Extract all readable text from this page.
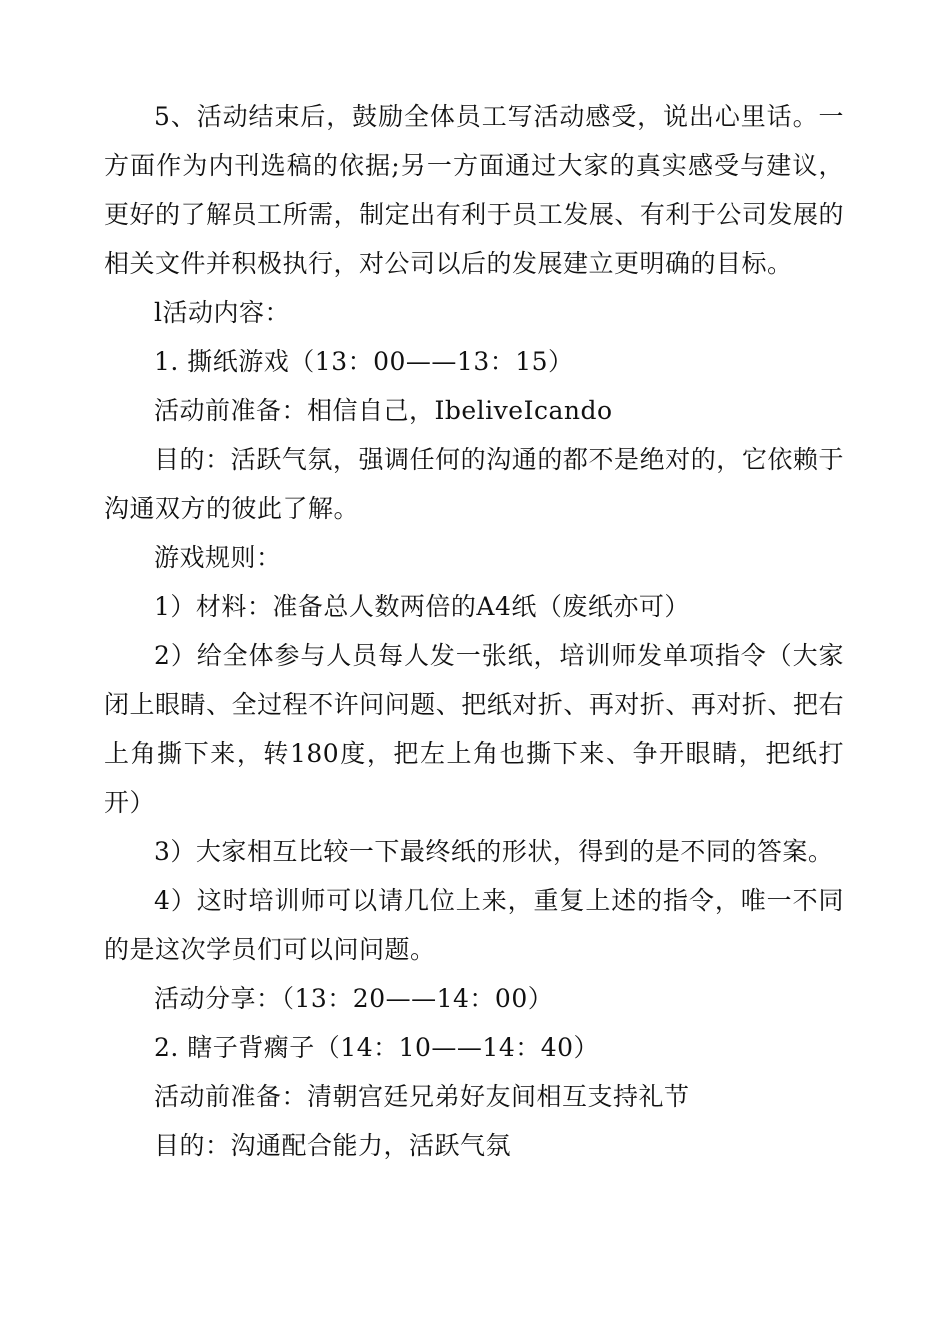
5、活动结束后，鼓励全体员工写活动感受，说出心里话。一方面作为内刊选稿的依据;另一方面通过大家的真实感受与建议，更好的了解员工所需，制定出有利于员工发展、有利于公司发展的相关文件并积极执行，对公司以后的发展建立更明确的目标。

l活动内容：

1. 撕纸游戏（13：00——13：15）

活动前准备：相信自己，IbeliveIcando

目的：活跃气氛，强调任何的沟通的都不是绝对的，它依赖于沟通双方的彼此了解。

游戏规则：

1）材料：准备总人数两倍的A4纸（废纸亦可）

2）给全体参与人员每人发一张纸，培训师发单项指令（大家闭上眼睛、全过程不许问问题、把纸对折、再对折、再对折、把右上角撕下来，转180度，把左上角也撕下来、争开眼睛，把纸打开）

3）大家相互比较一下最终纸的形状，得到的是不同的答案。

4）这时培训师可以请几位上来，重复上述的指令，唯一不同的是这次学员们可以问问题。

活动分享：（13：20——14：00）

2. 瞎子背瘸子（14：10——14：40）

活动前准备：清朝宫廷兄弟好友间相互支持礼节

目的：沟通配合能力，活跃气氛
